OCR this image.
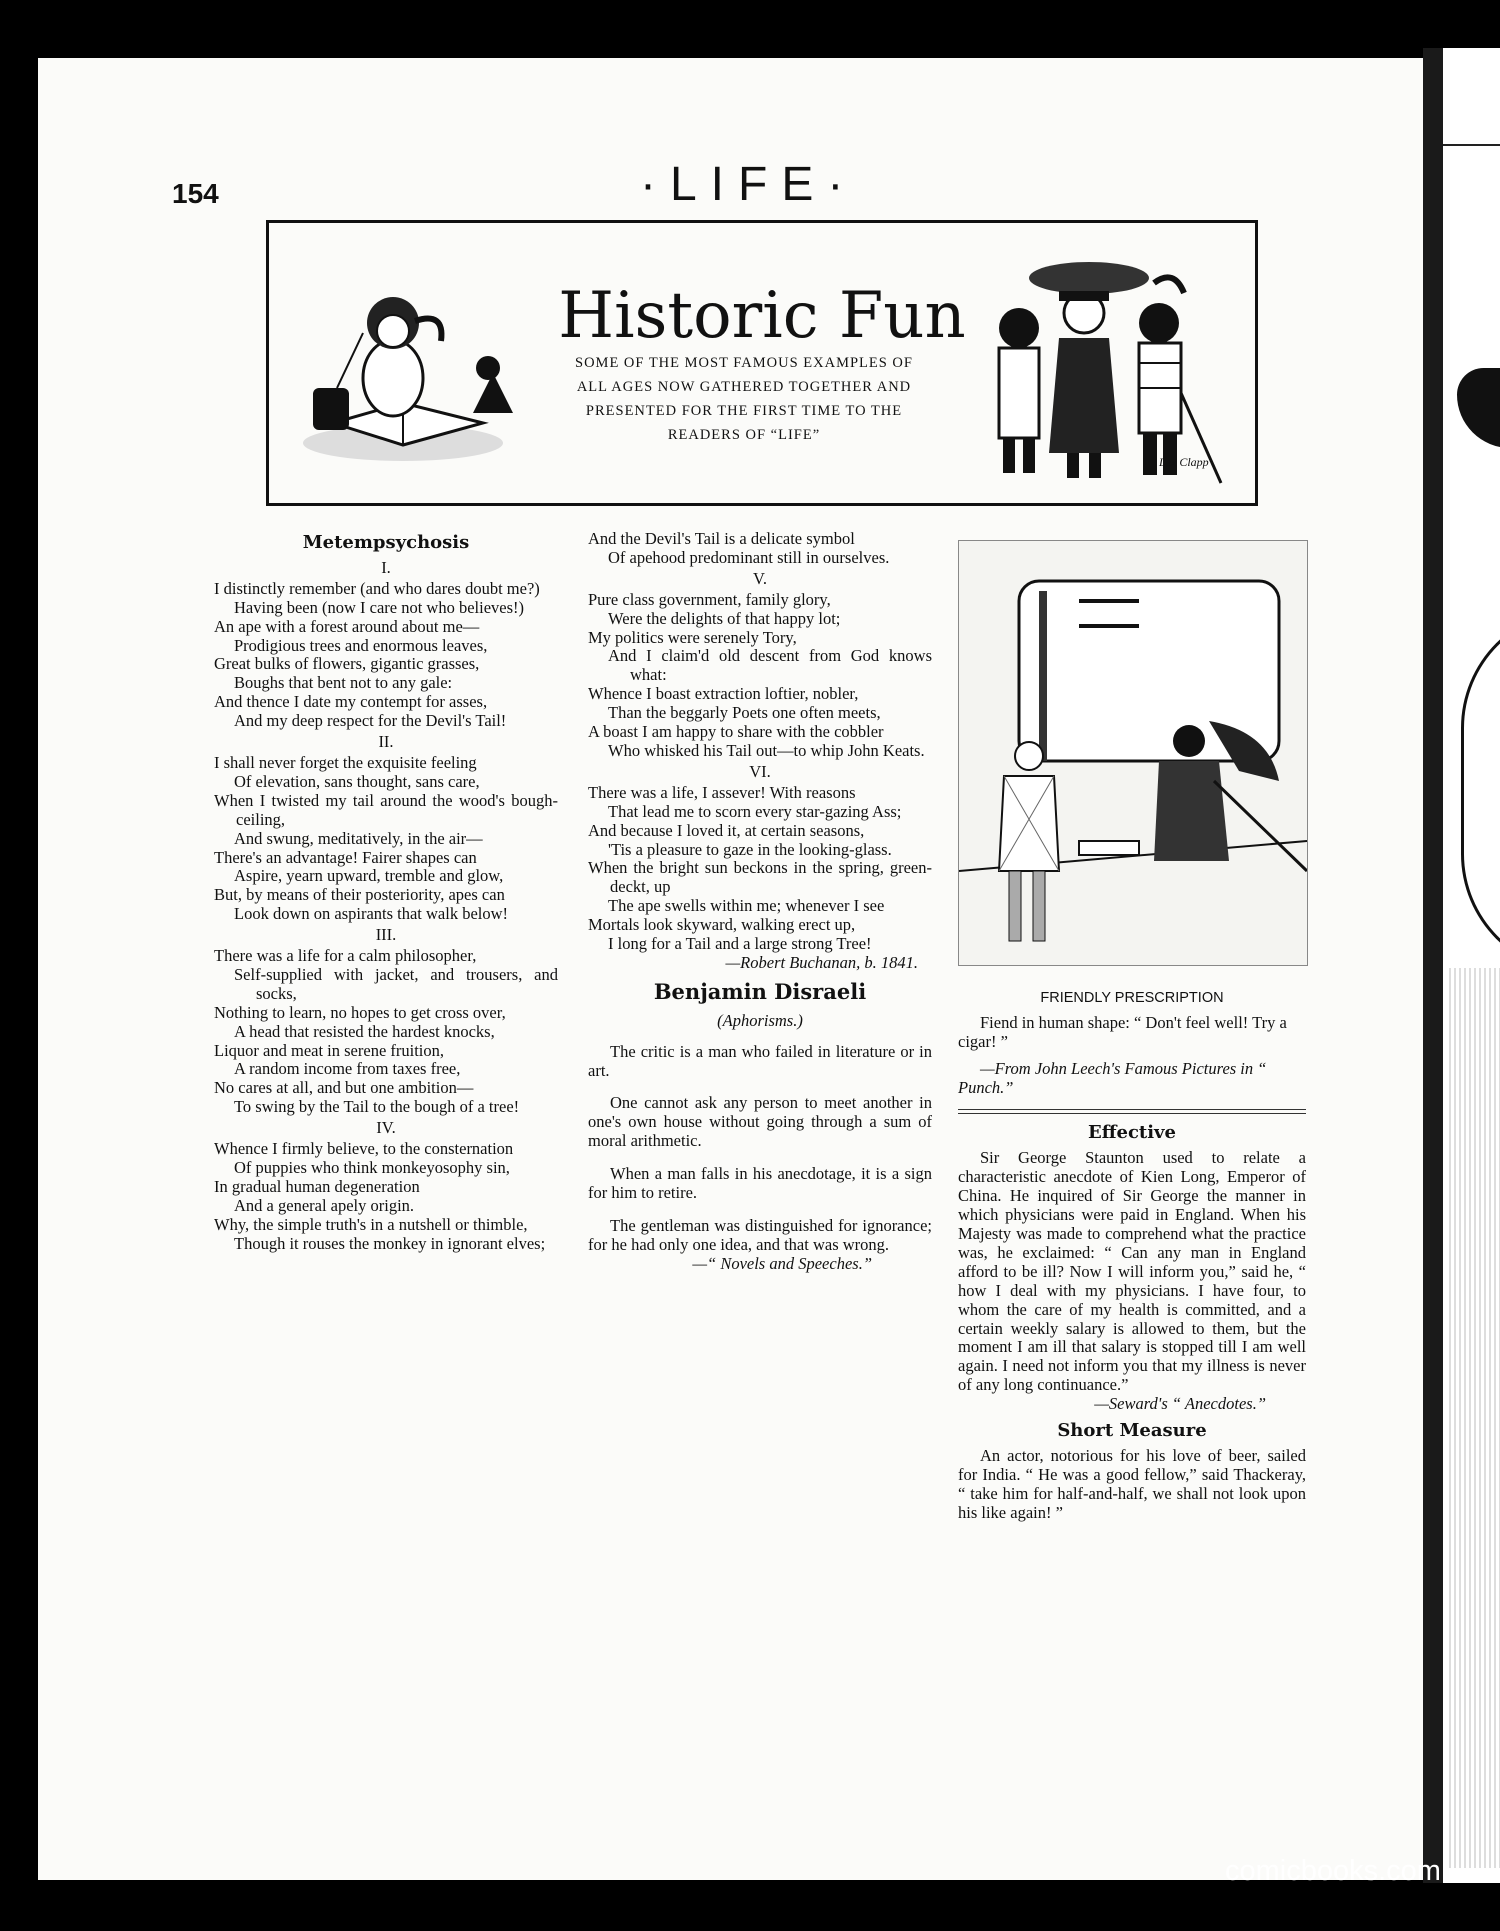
154	·LIFE·
Historic Fun
SOME OF THE MOST FAMOUS EXAMPLES OF ALL AGES NOW GATHERED TOGETHER AND PRESENTED FOR THE FIRST TIME TO THE READERS OF “LIFE”
Lex Clapp
Metempsychosis
I.
I distinctly remember (and who dares doubt me?)
Having been (now I care not who believes!)
An ape with a forest around about me—
Prodigious trees and enormous leaves,
Great bulks of flowers, gigantic grasses,
Boughs that bent not to any gale:
And thence I date my contempt for asses,
And my deep respect for the Devil's Tail!
II.
I shall never forget the exquisite feeling
Of elevation, sans thought, sans care,
When I twisted my tail around the wood's bough-ceiling,
And swung, meditatively, in the air—
There's an advantage! Fairer shapes can
Aspire, yearn upward, tremble and glow,
But, by means of their posteriority, apes can
Look down on aspirants that walk below!
III.
There was a life for a calm philosopher,
Self-supplied with jacket, and trousers, and socks,
Nothing to learn, no hopes to get cross over,
A head that resisted the hardest knocks,
Liquor and meat in serene fruition,
A random income from taxes free,
No cares at all, and but one ambition—
To swing by the Tail to the bough of a tree!
IV.
Whence I firmly believe, to the consternation
Of puppies who think monkeyosophy sin,
In gradual human degeneration
And a general apely origin.
Why, the simple truth's in a nutshell or thimble,
Though it rouses the monkey in ignorant elves;
And the Devil's Tail is a delicate symbol
Of apehood predominant still in ourselves.
V.
Pure class government, family glory,
Were the delights of that happy lot;
My politics were serenely Tory,
And I claim'd old descent from God knows what:
Whence I boast extraction loftier, nobler,
Than the beggarly Poets one often meets,
A boast I am happy to share with the cobbler
Who whisked his Tail out—to whip John Keats.
VI.
There was a life, I assever! With reasons
That lead me to scorn every star-gazing Ass;
And because I loved it, at certain seasons,
'Tis a pleasure to gaze in the looking-glass.
When the bright sun beckons in the spring, green-deckt, up
The ape swells within me; whenever I see
Mortals look skyward, walking erect up,
I long for a Tail and a large strong Tree!
—Robert Buchanan, b. 1841.
Benjamin Disraeli
(Aphorisms.)
The critic is a man who failed in literature or in art.
One cannot ask any person to meet another in one's own house without going through a sum of moral arithmetic.
When a man falls in his anecdotage, it is a sign for him to retire.
The gentleman was distinguished for ignorance; for he had only one idea, and that was wrong.
—“ Novels and Speeches.”
FRIENDLY PRESCRIPTION
Fiend in human shape: “ Don't feel well! Try a cigar! ”
—From John Leech's Famous Pictures in “ Punch.”
Effective
Sir George Staunton used to relate a characteristic anecdote of Kien Long, Emperor of China. He inquired of Sir George the manner in which physicians were paid in England. When his Majesty was made to comprehend what the practice was, he exclaimed: “ Can any man in England afford to be ill? Now I will inform you,” said he, “ how I deal with my physicians. I have four, to whom the care of my health is committed, and a certain weekly salary is allowed to them, but the moment I am ill that salary is stopped till I am well again. I need not inform you that my illness is never of any long continuance.”
—Seward's “ Anecdotes.”
Short Measure
An actor, notorious for his love of beer, sailed for India. “ He was a good fellow,” said Thackeray, “ take him for half-and-half, we shall not look upon his like again! ”
comicbooks.com
